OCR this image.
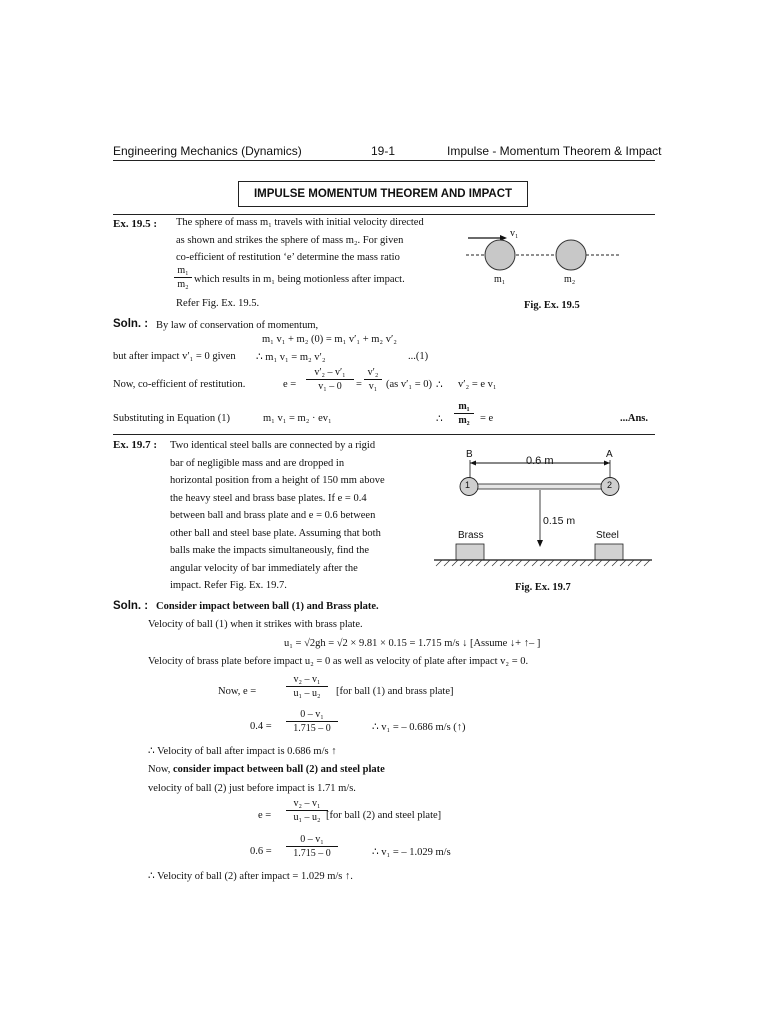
Engineering Mechanics (Dynamics)	19-1	Impulse - Momentum Theorem & Impact
IMPULSE MOMENTUM THEOREM AND IMPACT
Ex. 19.5 : The sphere of mass m₁ travels with initial velocity directed
as shown and strikes the sphere of mass m₂. For given
co-efficient of restitution ‘e’ determine the mass ratio
$\frac{\text{m₁}}{\text{m₂}}$ which results in m₁ being motionless after impact.
Refer Fig. Ex. 19.5.
v₁
m₁	m₂
Fig. Ex. 19.5
Soln. : By law of conservation of momentum,
m₁ v₁ + m₂ (0) = m₁ v′₁ + m₂ v′₂
but after impact v′₁ = 0 given ∴ m₁ v₁ = m₂ v′₂	...(1)
Now, co-efficient of restitution.	$e = \frac{\text{v′₂ – v′₁}}{\text{v₁ – 0}} = \frac{\text{v′₂}}{\text{v₁}} (as$ v′₁ = 0) ∴ v′₂ = e v₁
Substituting in Equation (1)	m₁ v₁ = m₂ · ev₁	∴ $\frac{\text{m₁}}{\text{m₂}} = e$	...Ans.
Ex. 19.7 : Two identical steel balls are connected by a rigid
bar of negligible mass and are dropped in
horizontal position from a height of 150 mm above
the heavy steel and brass base plates. If e = 0.4
between ball and brass plate and e = 0.6 between
other ball and steel base plate. Assuming that both
balls make the impacts simultaneously, find the
angular velocity of bar immediately after the
impact. Refer Fig. Ex. 19.7.
B	A
0.6 m
1	2
0.15 m
Brass	Steel
Fig. Ex. 19.7
Soln. : Consider impact between ball (1) and Brass plate.
Velocity of ball (1) when it strikes with brass plate.
u₁ = √2gh = √2 × 9.81 × 0.15 = 1.715 m/s ↓ [Assume ↓+ ↑– ]
Velocity of brass plate before impact u₂ = 0 as well as velocity of plate after impact v₂ = 0.
Now, e =	$\frac{\text{v₂ – v₁}}{\text{u₁ – u₂}} [for$ ball (1) and brass plate]
$0.4 = \frac{\text{0 – v₁}}{1.715 - 0}$	∴ v₁ = – 0.686 m/s (↑)
∴ Velocity of ball after impact is 0.686 m/s ↑
Now, consider impact between ball (2) and steel plate
velocity of ball (2) just before impact is 1.71 m/s.
$e = \frac{\text{v₂ – v₁}}{\text{u₁ – u₂}}$
[for ball (2) and steel plate]
$0.6 = \frac{\text{0 – v₁}}{1.715 - 0}$	∴ v₁ = – 1.029 m/s
∴ Velocity of ball (2) after impact = 1.029 m/s ↑.
